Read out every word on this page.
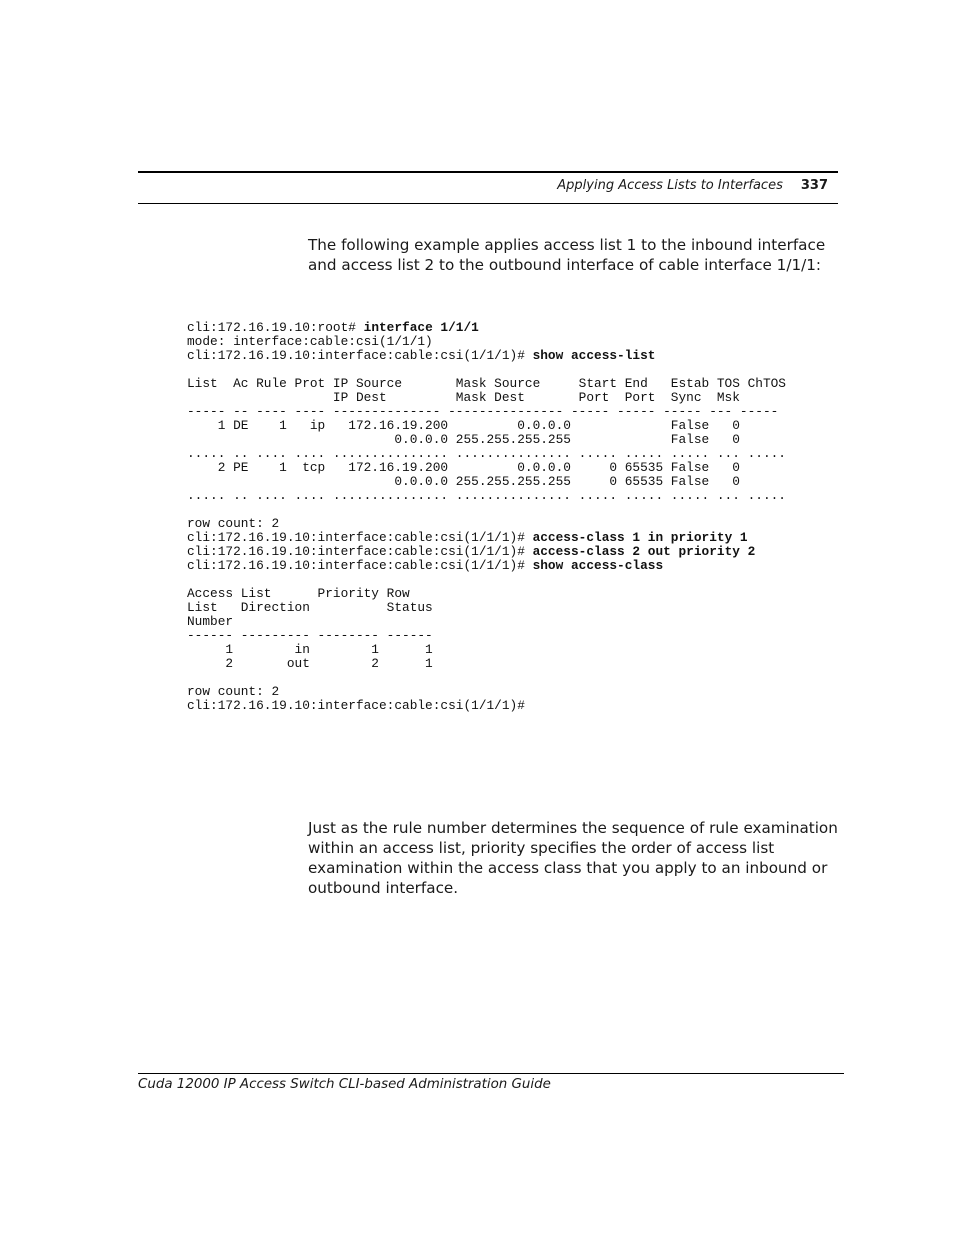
Applying Access Lists to Interfaces 337

The following example applies access list 1 to the inbound interface and access list 2 to the outbound interface of cable interface 1/1/1:

cli:172.16.19.10:root# interface 1/1/1
mode: interface:cable:csi(1/1/1)
cli:172.16.19.10:interface:cable:csi(1/1/1)# show access-list
List  Ac Rule Prot IP Source       Mask Source     Start End   Estab TOS ChTOS
IP Dest         Mask Dest       Port  Port  Sync  Msk
----- -- ---- ---- -------------- --------------- ----- ----- ----- --- -----
1 DE    1   ip   172.16.19.200         0.0.0.0             False   0
0.0.0.0 255.255.255.255             False   0
..... .. .... .... ............... ............... ..... ..... ..... ... .....
2 PE    1  tcp   172.16.19.200         0.0.0.0     0 65535 False   0
0.0.0.0 255.255.255.255     0 65535 False   0
..... .. .... .... ............... ............... ..... ..... ..... ... .....
row count: 2
cli:172.16.19.10:interface:cable:csi(1/1/1)# access-class 1 in priority 1
cli:172.16.19.10:interface:cable:csi(1/1/1)# access-class 2 out priority 2
cli:172.16.19.10:interface:cable:csi(1/1/1)# show access-class
Access List      Priority Row
List   Direction          Status
Number
------ --------- -------- ------
1        in        1      1
2       out        2      1
row count: 2
cli:172.16.19.10:interface:cable:csi(1/1/1)#

Just as the rule number determines the sequence of rule examination within an access list, priority specifies the order of access list examination within the access class that you apply to an inbound or outbound interface.

Cuda 12000 IP Access Switch CLI-based Administration Guide
